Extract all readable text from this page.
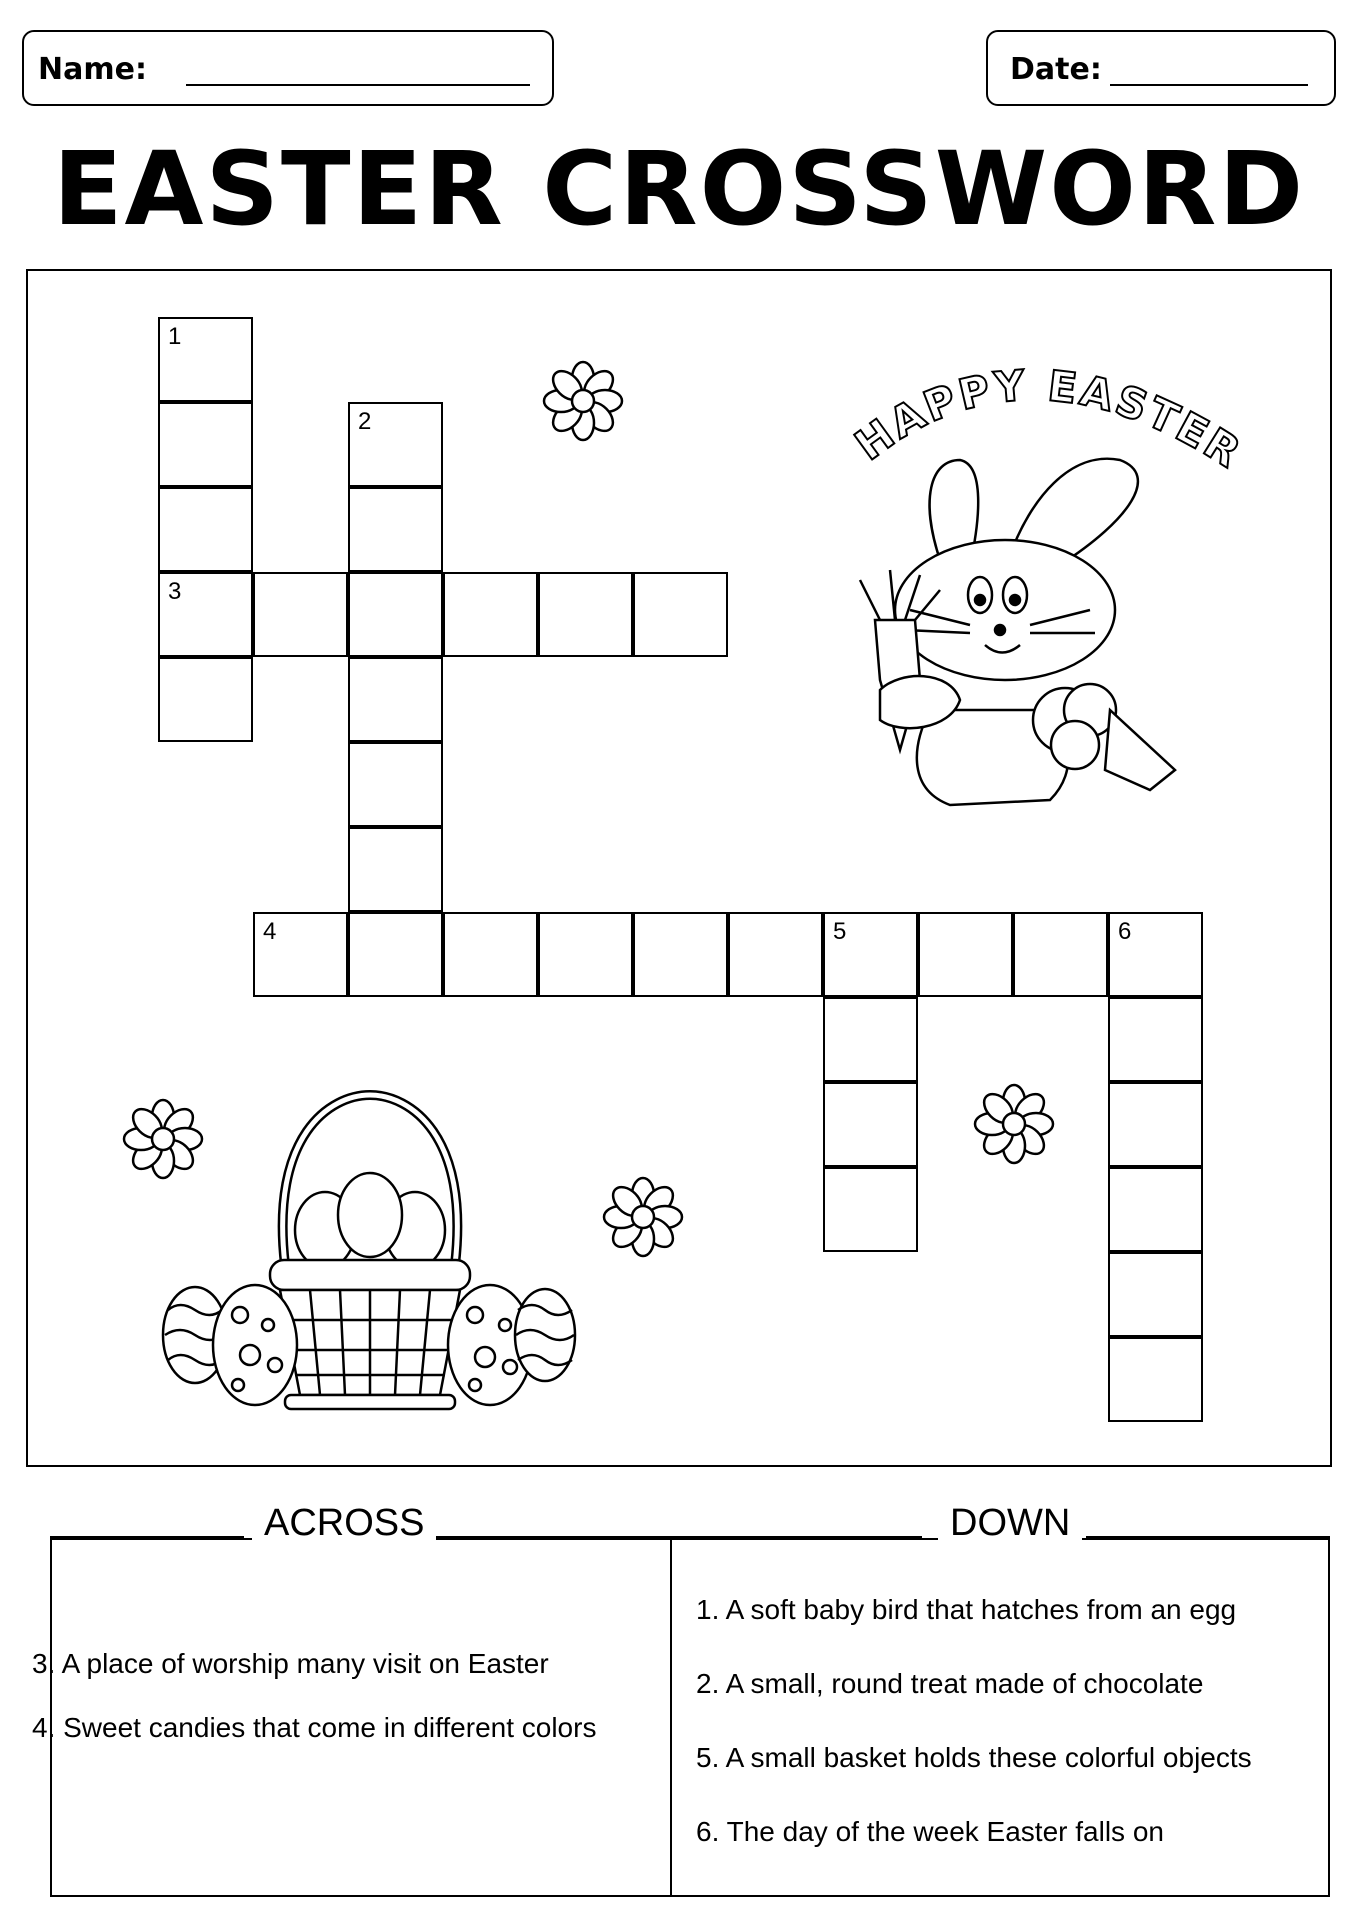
Name:	Date:
EASTER CROSSWORD
1
3
2
4	5	6
HAPPY EASTER
ACROSS	DOWN
3. A place of worship many visit on Easter
4. Sweet candies that come in different colors
1. A soft baby bird that hatches from an egg
2. A small, round treat made of chocolate
5. A small basket holds these colorful objects
6. The day of the week Easter falls on
